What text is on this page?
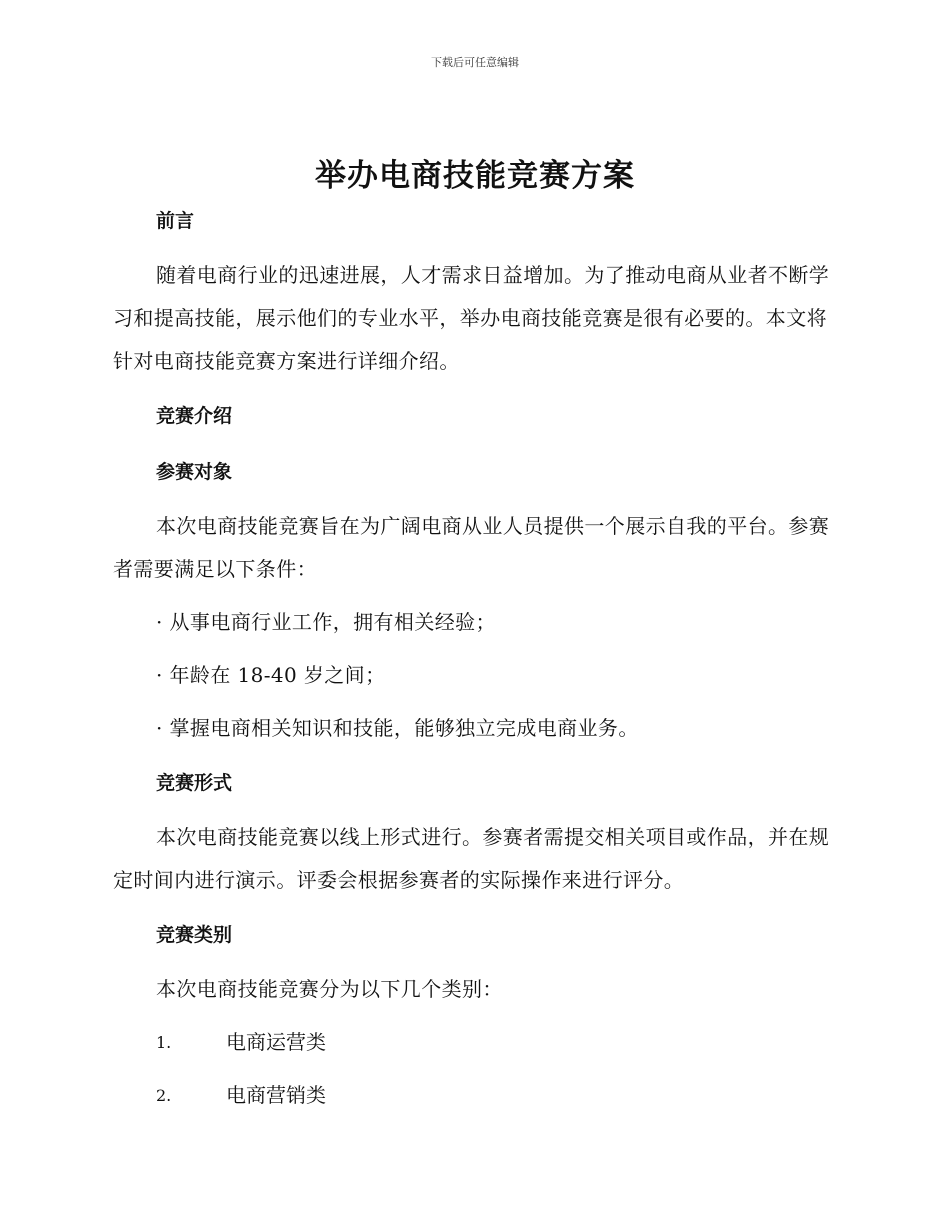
下载后可任意编辑
举办电商技能竞赛方案
前言

随着电商行业的迅速进展，人才需求日益增加。为了推动电商从业者不断学习和提高技能，展示他们的专业水平，举办电商技能竞赛是很有必要的。本文将针对电商技能竞赛方案进行详细介绍。

竞赛介绍
参赛对象

本次电商技能竞赛旨在为广阔电商从业人员提供一个展示自我的平台。参赛者需要满足以下条件：

· 从事电商行业工作，拥有相关经验；

· 年龄在 18-40 岁之间；

· 掌握电商相关知识和技能，能够独立完成电商业务。

竞赛形式

本次电商技能竞赛以线上形式进行。参赛者需提交相关项目或作品，并在规定时间内进行演示。评委会根据参赛者的实际操作来进行评分。

竞赛类别

本次电商技能竞赛分为以下几个类别：

1.	电商运营类
2.	电商营销类
